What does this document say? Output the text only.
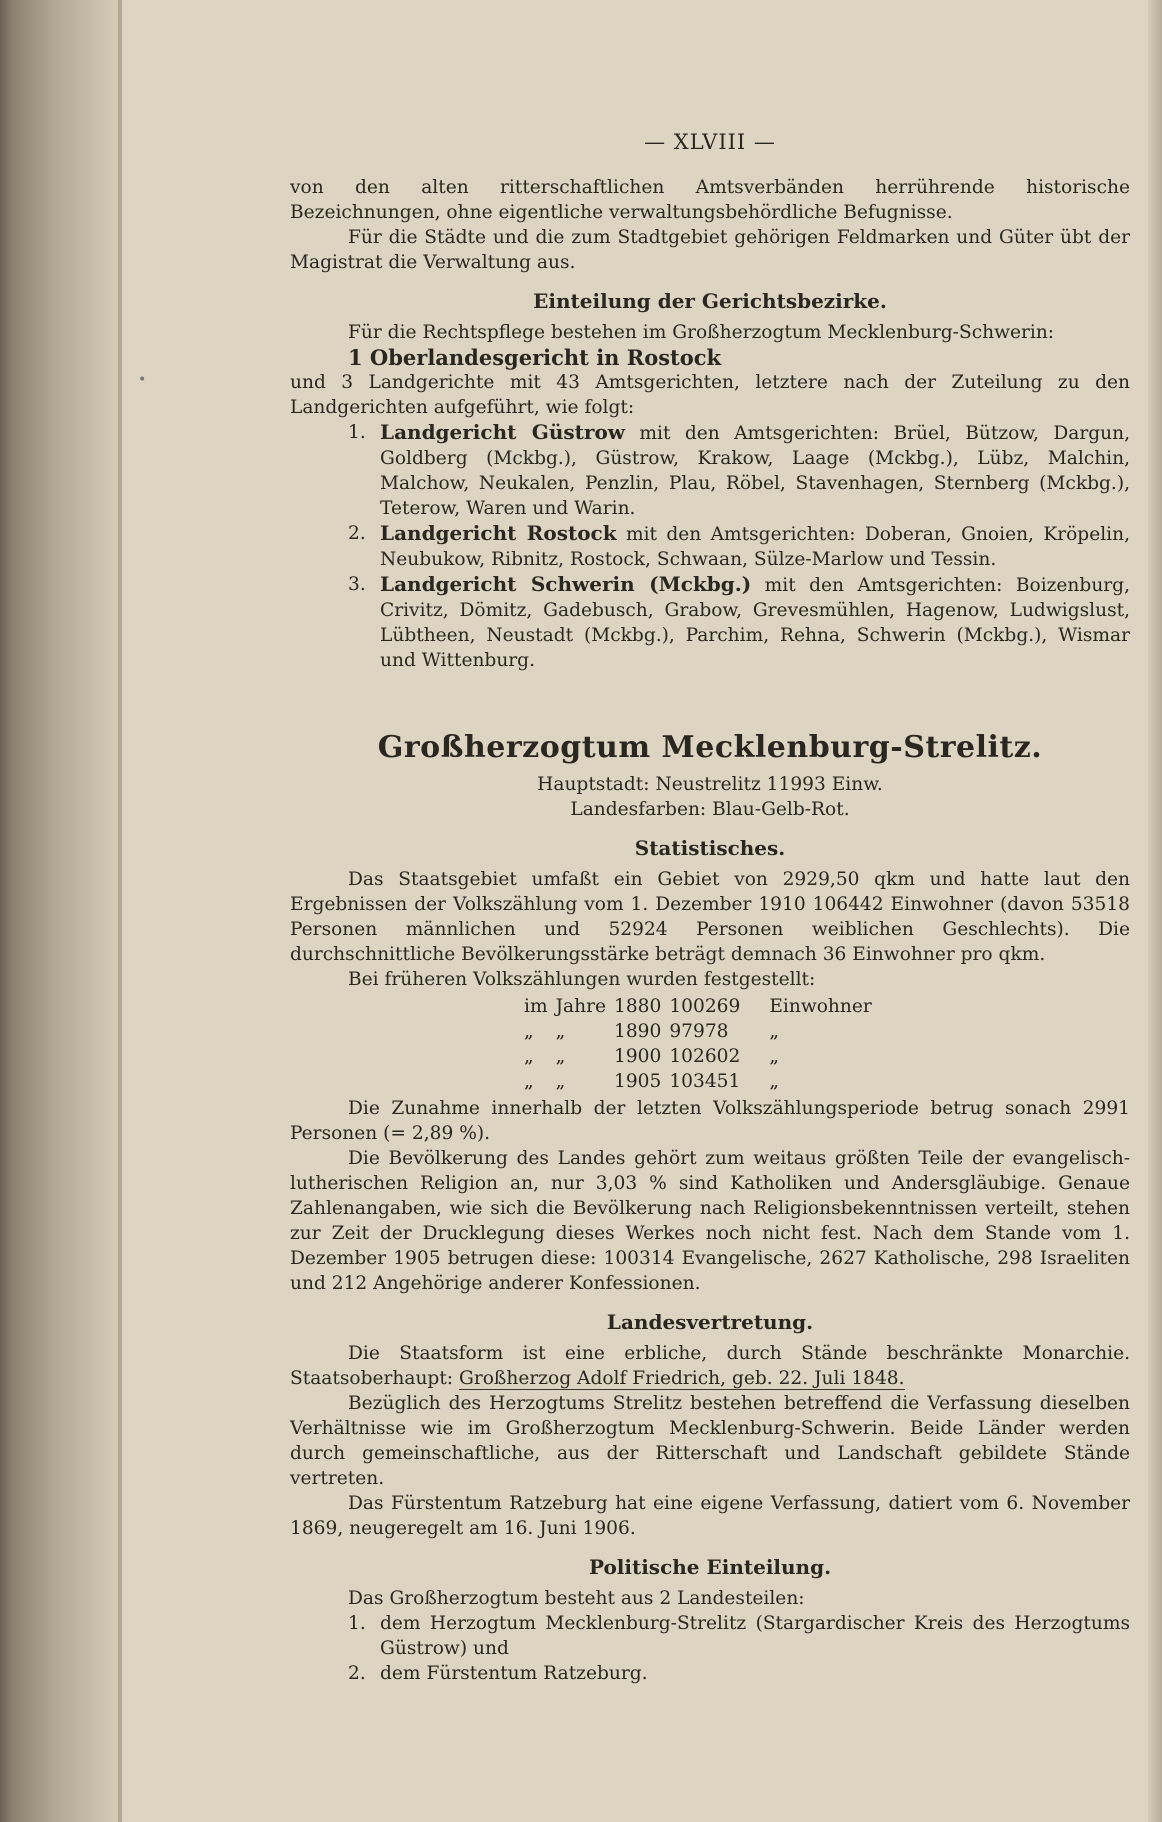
•
— XLVIII —

von den alten ritterschaftlichen Amtsverbänden herrührende historische Bezeichnungen, ohne eigentliche verwaltungsbehördliche Befugnisse.

Für die Städte und die zum Stadtgebiet gehörigen Feldmarken und Güter übt der Magistrat die Verwaltung aus.

Einteilung der Gerichtsbezirke.

Für die Rechtspflege bestehen im Großherzogtum Mecklenburg-Schwerin:

1 Oberlandesgericht in Rostock

und 3 Landgerichte mit 43 Amtsgerichten, letztere nach der Zuteilung zu den Landgerichten aufgeführt, wie folgt:

1. Landgericht Güstrow mit den Amtsgerichten: Brüel, Bützow, Dargun, Goldberg (Mckbg.), Güstrow, Krakow, Laage (Mckbg.), Lübz, Malchin, Malchow, Neukalen, Penzlin, Plau, Röbel, Stavenhagen, Sternberg (Mckbg.), Teterow, Waren und Warin.
2. Landgericht Rostock mit den Amtsgerichten: Doberan, Gnoien, Kröpelin, Neubukow, Ribnitz, Rostock, Schwaan, Sülze-Marlow und Tessin.
3. Landgericht Schwerin (Mckbg.) mit den Amtsgerichten: Boizenburg, Crivitz, Dömitz, Gadebusch, Grabow, Grevesmühlen, Hagenow, Ludwigslust, Lübtheen, Neustadt (Mckbg.), Parchim, Rehna, Schwerin (Mckbg.), Wismar und Wittenburg.
Großherzogtum Mecklenburg-Strelitz.
Hauptstadt: Neustrelitz 11993 Einw.
Landesfarben: Blau-Gelb-Rot.
Statistisches.

Das Staatsgebiet umfaßt ein Gebiet von 2929,50 qkm und hatte laut den Ergebnissen der Volkszählung vom 1. Dezember 1910 106442 Einwohner (davon 53518 Personen männlichen und 52924 Personen weiblichen Geschlechts). Die durchschnittliche Bevölkerungsstärke beträgt demnach 36 Einwohner pro qkm.

Bei früheren Volkszählungen wurden festgestellt:

im	Jahre	1880	100269	Einwohner
„	„	1890	97978	„
„	„	1900	102602	„
„	„	1905	103451	„

Die Zunahme innerhalb der letzten Volkszählungsperiode betrug sonach 2991 Personen (= 2,89 %).

Die Bevölkerung des Landes gehört zum weitaus größten Teile der evangelisch-lutherischen Religion an, nur 3,03 % sind Katholiken und Andersgläubige. Genaue Zahlenangaben, wie sich die Bevölkerung nach Religionsbekenntnissen verteilt, stehen zur Zeit der Drucklegung dieses Werkes noch nicht fest. Nach dem Stande vom 1. Dezember 1905 betrugen diese: 100314 Evangelische, 2627 Katholische, 298 Israeliten und 212 Angehörige anderer Konfessionen.

Landesvertretung.

Die Staatsform ist eine erbliche, durch Stände beschränkte Monarchie. Staatsoberhaupt: Großherzog Adolf Friedrich, geb. 22. Juli 1848.

Bezüglich des Herzogtums Strelitz bestehen betreffend die Verfassung dieselben Verhältnisse wie im Großherzogtum Mecklenburg-Schwerin. Beide Länder werden durch gemeinschaftliche, aus der Ritterschaft und Landschaft gebildete Stände vertreten.

Das Fürstentum Ratzeburg hat eine eigene Verfassung, datiert vom 6. November 1869, neugeregelt am 16. Juni 1906.

Politische Einteilung.

Das Großherzogtum besteht aus 2 Landesteilen:

1. dem Herzogtum Mecklenburg-Strelitz (Stargardischer Kreis des Herzogtums Güstrow) und
2. dem Fürstentum Ratzeburg.
